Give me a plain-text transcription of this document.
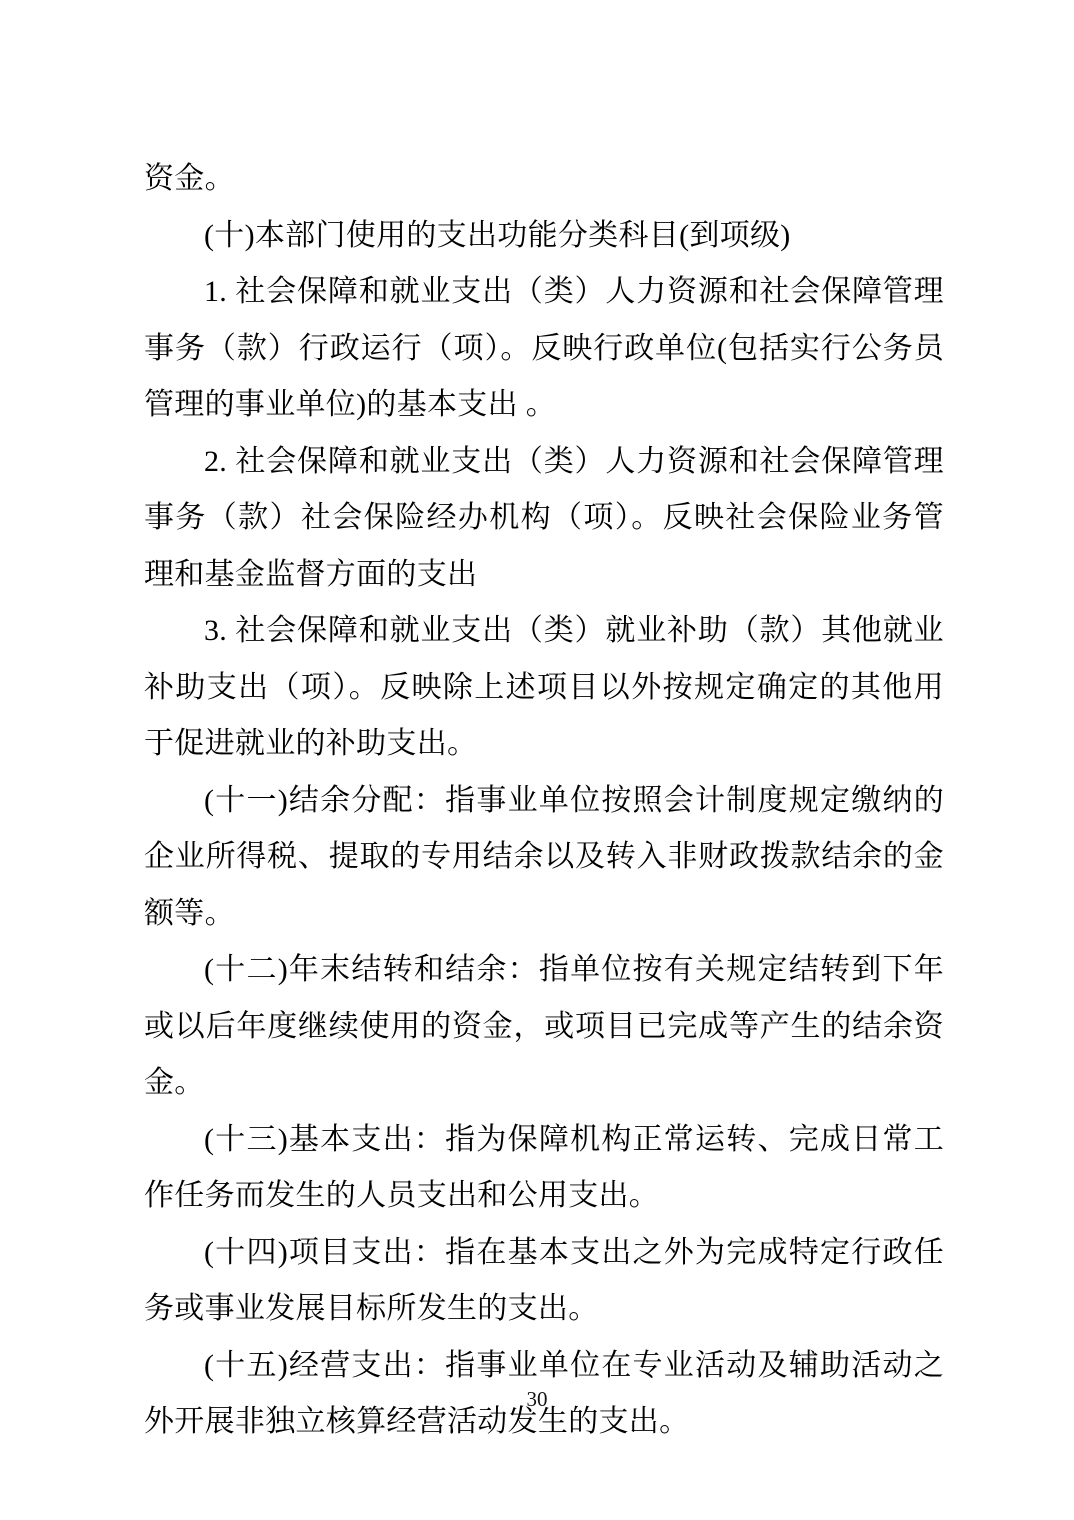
资金。

(十)本部门使用的支出功能分类科目(到项级)

1. 社会保障和就业支出（类）人力资源和社会保障管理事务（款）行政运行（项）。反映行政单位(包括实行公务员管理的事业单位)的基本支出 。

2. 社会保障和就业支出（类）人力资源和社会保障管理事务（款）社会保险经办机构（项）。反映社会保险业务管理和基金监督方面的支出

3. 社会保障和就业支出（类）就业补助（款）其他就业补助支出（项）。反映除上述项目以外按规定确定的其他用于促进就业的补助支出。

(十一)结余分配：指事业单位按照会计制度规定缴纳的企业所得税、提取的专用结余以及转入非财政拨款结余的金额等。

(十二)年末结转和结余：指单位按有关规定结转到下年或以后年度继续使用的资金，或项目已完成等产生的结余资金。

(十三)基本支出：指为保障机构正常运转、完成日常工作任务而发生的人员支出和公用支出。

(十四)项目支出：指在基本支出之外为完成特定行政任务或事业发展目标所发生的支出。

(十五)经营支出：指事业单位在专业活动及辅助活动之外开展非独立核算经营活动发生的支出。

30
